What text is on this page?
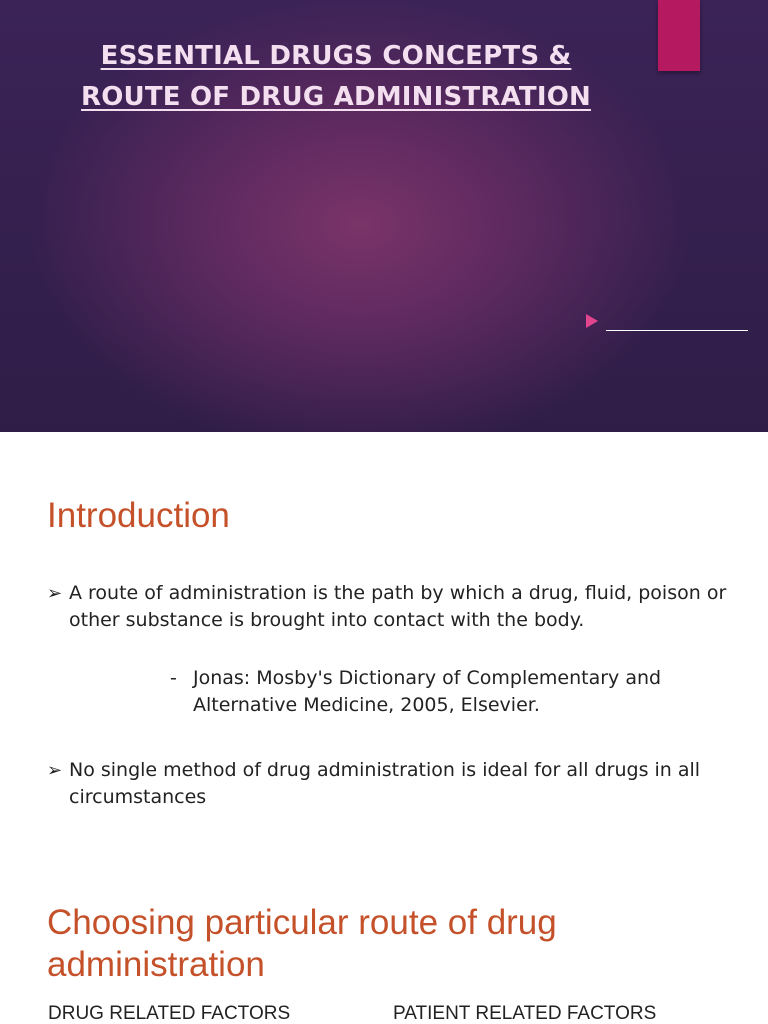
ESSENTIAL DRUGS CONCEPTS &
ROUTE OF DRUG ADMINISTRATION
Introduction
➢ A route of administration is the path by which a drug, fluid, poison or other substance is brought into contact with the body.
- Jonas: Mosby's Dictionary of Complementary and Alternative Medicine, 2005, Elsevier.
➢ No single method of drug administration is ideal for all drugs in all circumstances
Choosing particular route of drug administration
DRUG RELATED FACTORS	PATIENT RELATED FACTORS
